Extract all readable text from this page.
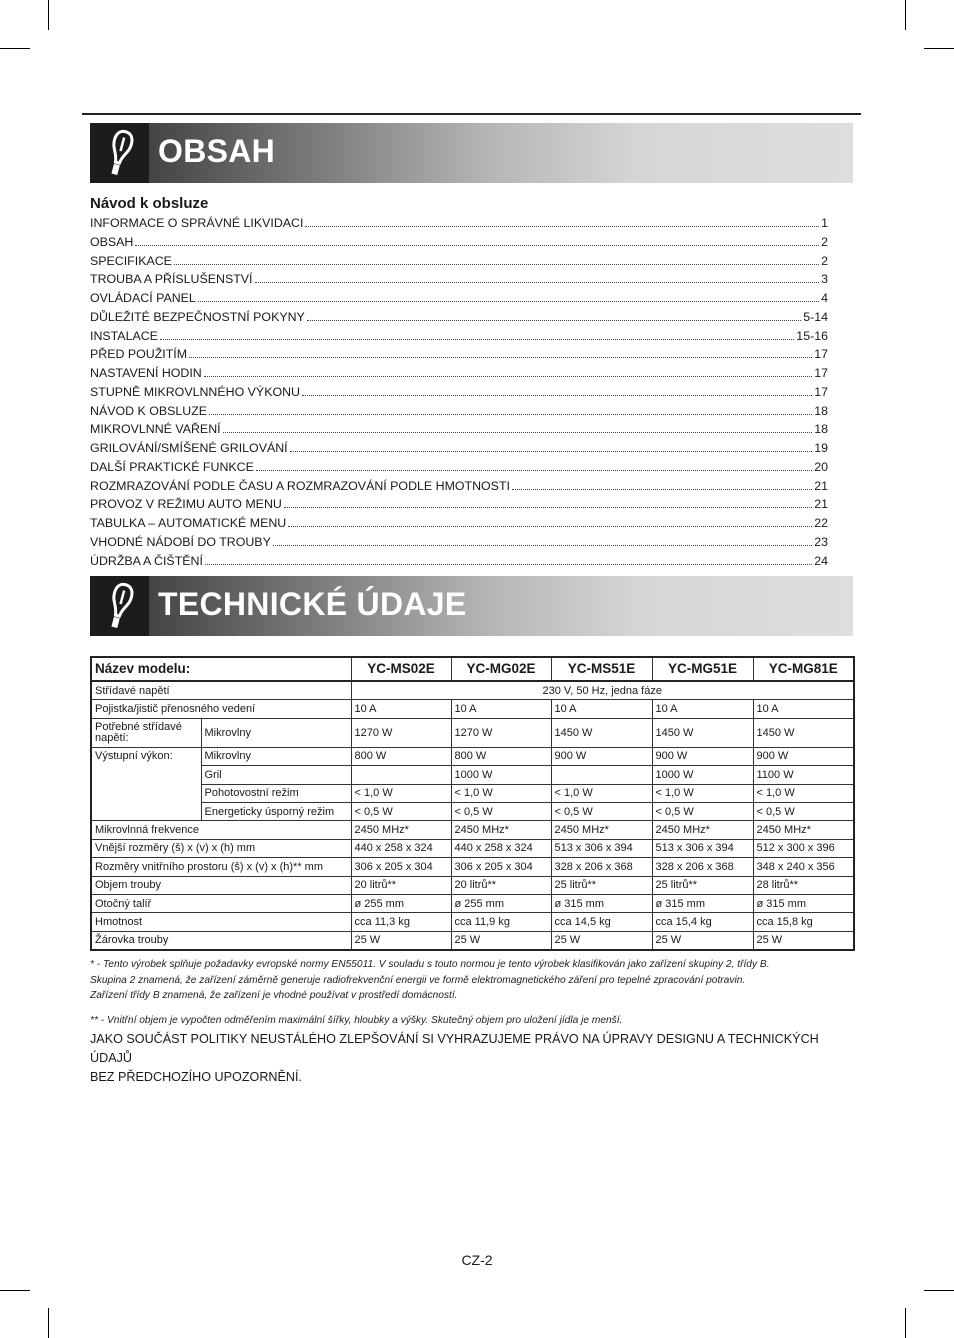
OBSAH
Návod k obsluze
INFORMACE O SPRÁVNÉ LIKVIDACI	1
OBSAH	2
SPECIFIKACE	2
TROUBA A PŘÍSLUŠENSTVÍ	3
OVLÁDACÍ PANEL	4
DŮLEŽITÉ BEZPEČNOSTNÍ POKYNY	5-14
INSTALACE	15-16
PŘED POUŽITÍM	17
NASTAVENÍ HODIN	17
STUPNĚ MIKROVLNNÉHO VÝKONU	17
NÁVOD K OBSLUZE	18
MIKROVLNNÉ VAŘENÍ	18
GRILOVÁNÍ/SMÍŠENÉ GRILOVÁNÍ	19
DALŠÍ PRAKTICKÉ FUNKCE	20
ROZMRAZOVÁNÍ PODLE ČASU A ROZMRAZOVÁNÍ PODLE HMOTNOSTI	21
PROVOZ V REŽIMU AUTO MENU	21
TABULKA – AUTOMATICKÉ MENU	22
VHODNÉ NÁDOBÍ DO TROUBY	23
ÚDRŽBA A ČIŠTĚNÍ	24
TECHNICKÉ ÚDAJE
Název modelu:		YC-MS02E	YC-MG02E	YC-MS51E	YC-MG51E	YC-MG81E
Střídavé napětí		230 V, 50 Hz, jedna fáze				
Pojistka/jistič přenosného vedení		10 A	10 A	10 A	10 A	10 A
Potřebné střídavé napětí:	Mikrovlny	1270 W	1270 W	1450 W	1450 W	1450 W
Výstupní výkon:	Mikrovlny	800 W	800 W	900 W	900 W	900 W
	Gril		1000 W		1000 W	1100 W
	Pohotovostní režim	< 1,0 W	< 1,0 W	< 1,0 W	< 1,0 W	< 1,0 W
	Energeticky úsporný režim	< 0,5 W	< 0,5 W	< 0,5 W	< 0,5 W	< 0,5 W
Mikrovlnná frekvence		2450 MHz*	2450 MHz*	2450 MHz*	2450 MHz*	2450 MHz*
Vnější rozměry (š) x (v) x (h) mm		440 x 258 x 324	440 x 258 x 324	513 x 306 x 394	513 x 306 x 394	512 x 300 x 396
Rozměry vnitřního prostoru (š) x (v) x (h)** mm		306 x 205 x 304	306 x 205 x 304	328 x 206 x 368	328 x 206 x 368	348 x 240 x 356
Objem trouby		20 litrů**	20 litrů**	25 litrů**	25 litrů**	28 litrů**
Otočný talíř		ø 255 mm	ø 255 mm	ø 315 mm	ø 315 mm	ø 315 mm
Hmotnost		cca 11,3 kg	cca 11,9 kg	cca 14,5 kg	cca 15,4 kg	cca 15,8 kg
Žárovka trouby		25 W	25 W	25 W	25 W	25 W
* - Tento výrobek splňuje požadavky evropské normy EN55011. V souladu s touto normou je tento výrobek klasifikován jako zařízení skupiny 2, třídy B.
Skupina 2 znamená, že zařízení záměrně generuje radiofrekvenční energii ve formě elektromagnetického záření pro tepelné zpracování potravin.
Zařízení třídy B znamená, že zařízení je vhodné používat v prostředí domácností.
** - Vnitřní objem je vypočten odměřením maximální šířky, hloubky a výšky. Skutečný objem pro uložení jídla je menší.
JAKO SOUČÁST POLITIKY NEUSTÁLÉHO ZLEPŠOVÁNÍ SI VYHRAZUJEME PRÁVO NA ÚPRAVY DESIGNU A TECHNICKÝCH ÚDAJŮ
BEZ PŘEDCHOZÍHO UPOZORNĚNÍ.
CZ-2
